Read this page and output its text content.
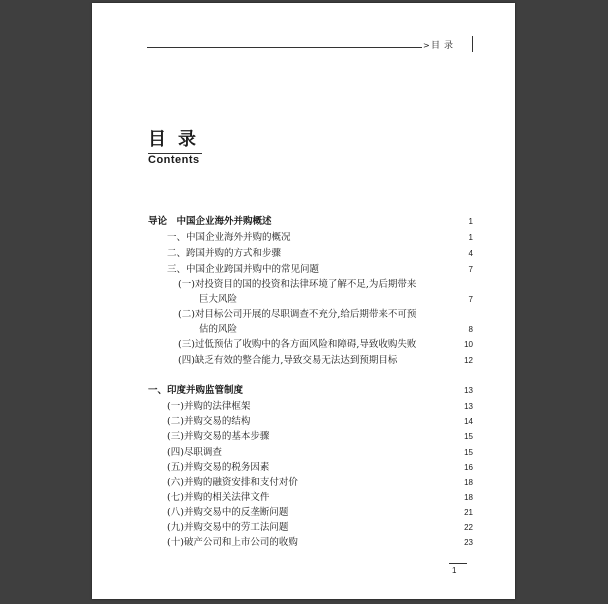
> 目录
目录
Contents
导论　中国企业海外并购概述	1
一、中国企业海外并购的概况	1
二、跨国并购的方式和步骤	4
三、中国企业跨国并购中的常见问题	7
(一)对投资目的国的投资和法律环境了解不足,为后期带来
巨大风险	7
(二)对目标公司开展的尽职调查不充分,给后期带来不可预
估的风险	8
(三)过低预估了收购中的各方面风险和障碍,导致收购失败	10
(四)缺乏有效的整合能力,导致交易无法达到预期目标	12
一、印度并购监管制度	13
(一)并购的法律框架	13
(二)并购交易的结构	14
(三)并购交易的基本步骤	15
(四)尽职调查	15
(五)并购交易的税务因素	16
(六)并购的融资安排和支付对价	18
(七)并购的相关法律文件	18
(八)并购交易中的反垄断问题	21
(九)并购交易中的劳工法问题	22
(十)破产公司和上市公司的收购	23
1
